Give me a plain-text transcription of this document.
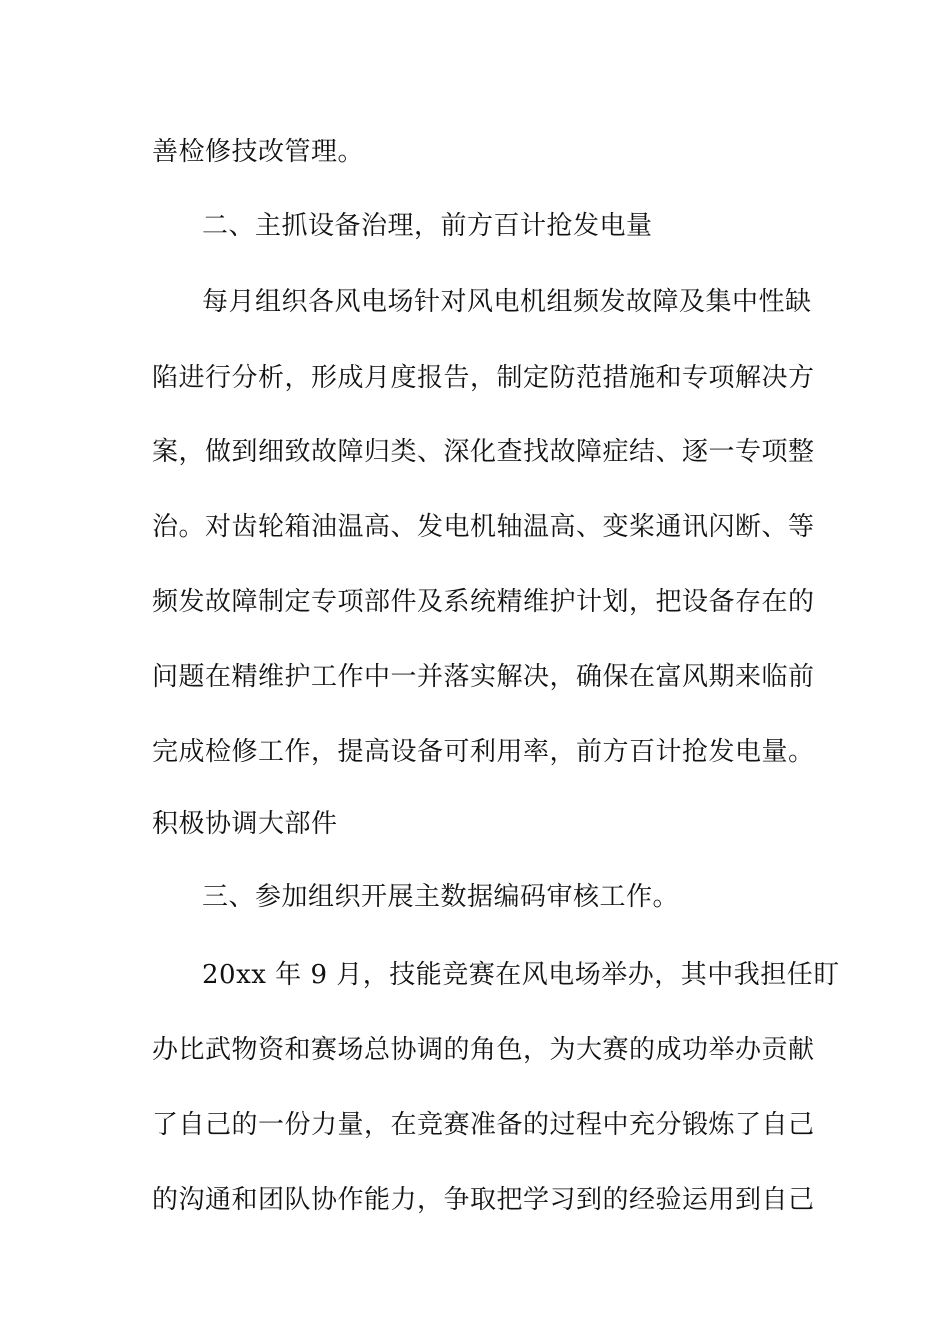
善检修技改管理。
二、主抓设备治理，前方百计抢发电量
每月组织各风电场针对风电机组频发故障及集中性缺
陷进行分析，形成月度报告，制定防范措施和专项解决方
案，做到细致故障归类、深化查找故障症结、逐一专项整
治。对齿轮箱油温高、发电机轴温高、变桨通讯闪断、等
频发故障制定专项部件及系统精维护计划，把设备存在的
问题在精维护工作中一并落实解决，确保在富风期来临前
完成检修工作，提高设备可利用率，前方百计抢发电量。
积极协调大部件
三、参加组织开展主数据编码审核工作。
20xx 年 9 月，技能竞赛在风电场举办，其中我担任盯
办比武物资和赛场总协调的角色，为大赛的成功举办贡献
了自己的一份力量，在竞赛准备的过程中充分锻炼了自己
的沟通和团队协作能力，争取把学习到的经验运用到自己
